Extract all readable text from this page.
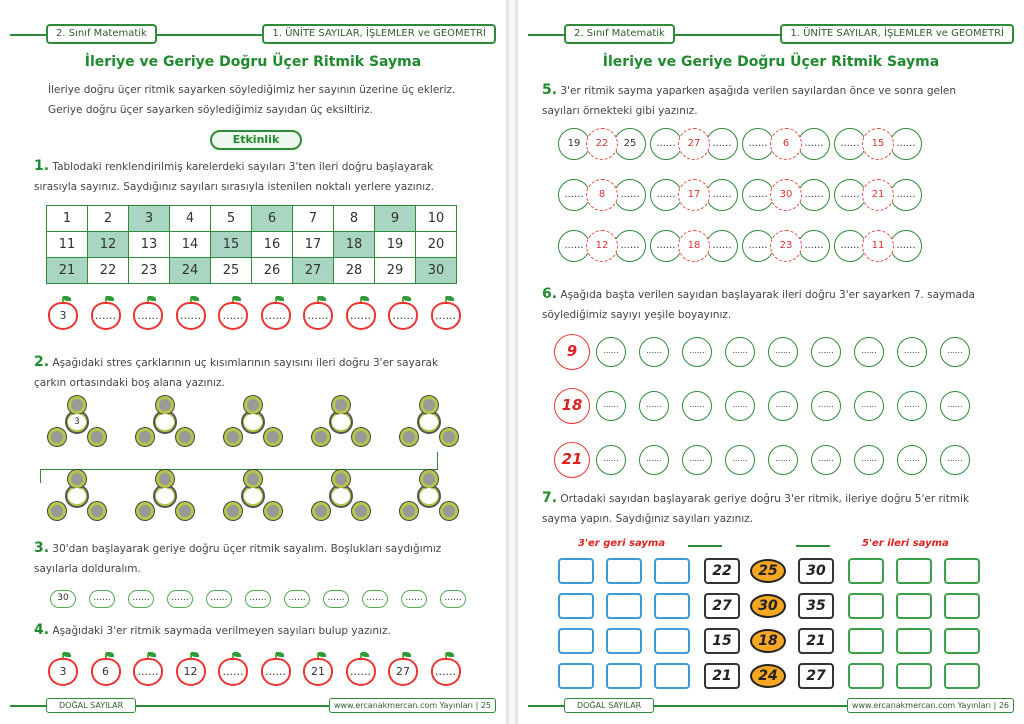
2. Sınıf Matematik	1. ÜNİTE SAYILAR, İŞLEMLER ve GEOMETRİ
İleriye ve Geriye Doğru Üçer Ritmik Sayma
İleriye doğru üçer ritmik sayarken söylediğimiz her sayının üzerine üç ekleriz. Geriye doğru üçer sayarken söylediğimiz sayıdan üç eksiltiriz.
Etkinlik
1. Tablodaki renklendirilmiş karelerdeki sayıları 3'ten ileri doğru başlayarak sırasıyla sayınız. Saydığınız sayıları sırasıyla istenilen noktalı yerlere yazınız.
1	2	3	4	5	6	7	8	9	10
11	12	13	14	15	16	17	18	19	20
21	22	23	24	25	26	27	28	29	30
3	......	......	......	......	......	......	......	......	......
2. Aşağıdaki stres çarklarının uç kısımlarının sayısını ileri doğru 3'er sayarak çarkın ortasındaki boş alana yazınız.
3
3. 30'dan başlayarak geriye doğru üçer ritmik sayalım. Boşlukları saydığımız sayılarla dolduralım.
30	......	......	......	......	......	......	......	......	......	......
4. Aşağıdaki 3'er ritmik saymada verilmeyen sayıları bulup yazınız.
3	6	......	12	......	......	21	......	27	......
DOĞAL SAYILAR	www.ercanakmercan.com Yayınları | 25
2. Sınıf Matematik	1. ÜNİTE SAYILAR, İŞLEMLER ve GEOMETRİ
İleriye ve Geriye Doğru Üçer Ritmik Sayma
5. 3'er ritmik sayma yaparken aşağıda verilen sayılardan önce ve sonra gelen sayıları örnekteki gibi yazınız.
19	22	25	......	27	......	......	6	......	......	15	......
......	8	......	......	17	......	......	30	......	......	21	......
......	12	......	......	18	......	......	23	......	......	11	......
6. Aşağıda başta verilen sayıdan başlayarak ileri doğru 3'er sayarken 7. saymada söylediğimiz sayıyı yeşile boyayınız.
9	......	......	......	......	......	......	......	......	......
18	......	......	......	......	......	......	......	......	......
21	......	......	......	......	......	......	......	......	......
7. Ortadaki sayıdan başlayarak geriye doğru 3'er ritmik, ileriye doğru 5'er ritmik sayma yapın. Saydığınız sayıları yazınız.
3'er geri sayma	5'er ileri sayma
22	25	30
27	30	35
15	18	21
21	24	27
DOĞAL SAYILAR	www.ercanakmercan.com Yayınları | 26
